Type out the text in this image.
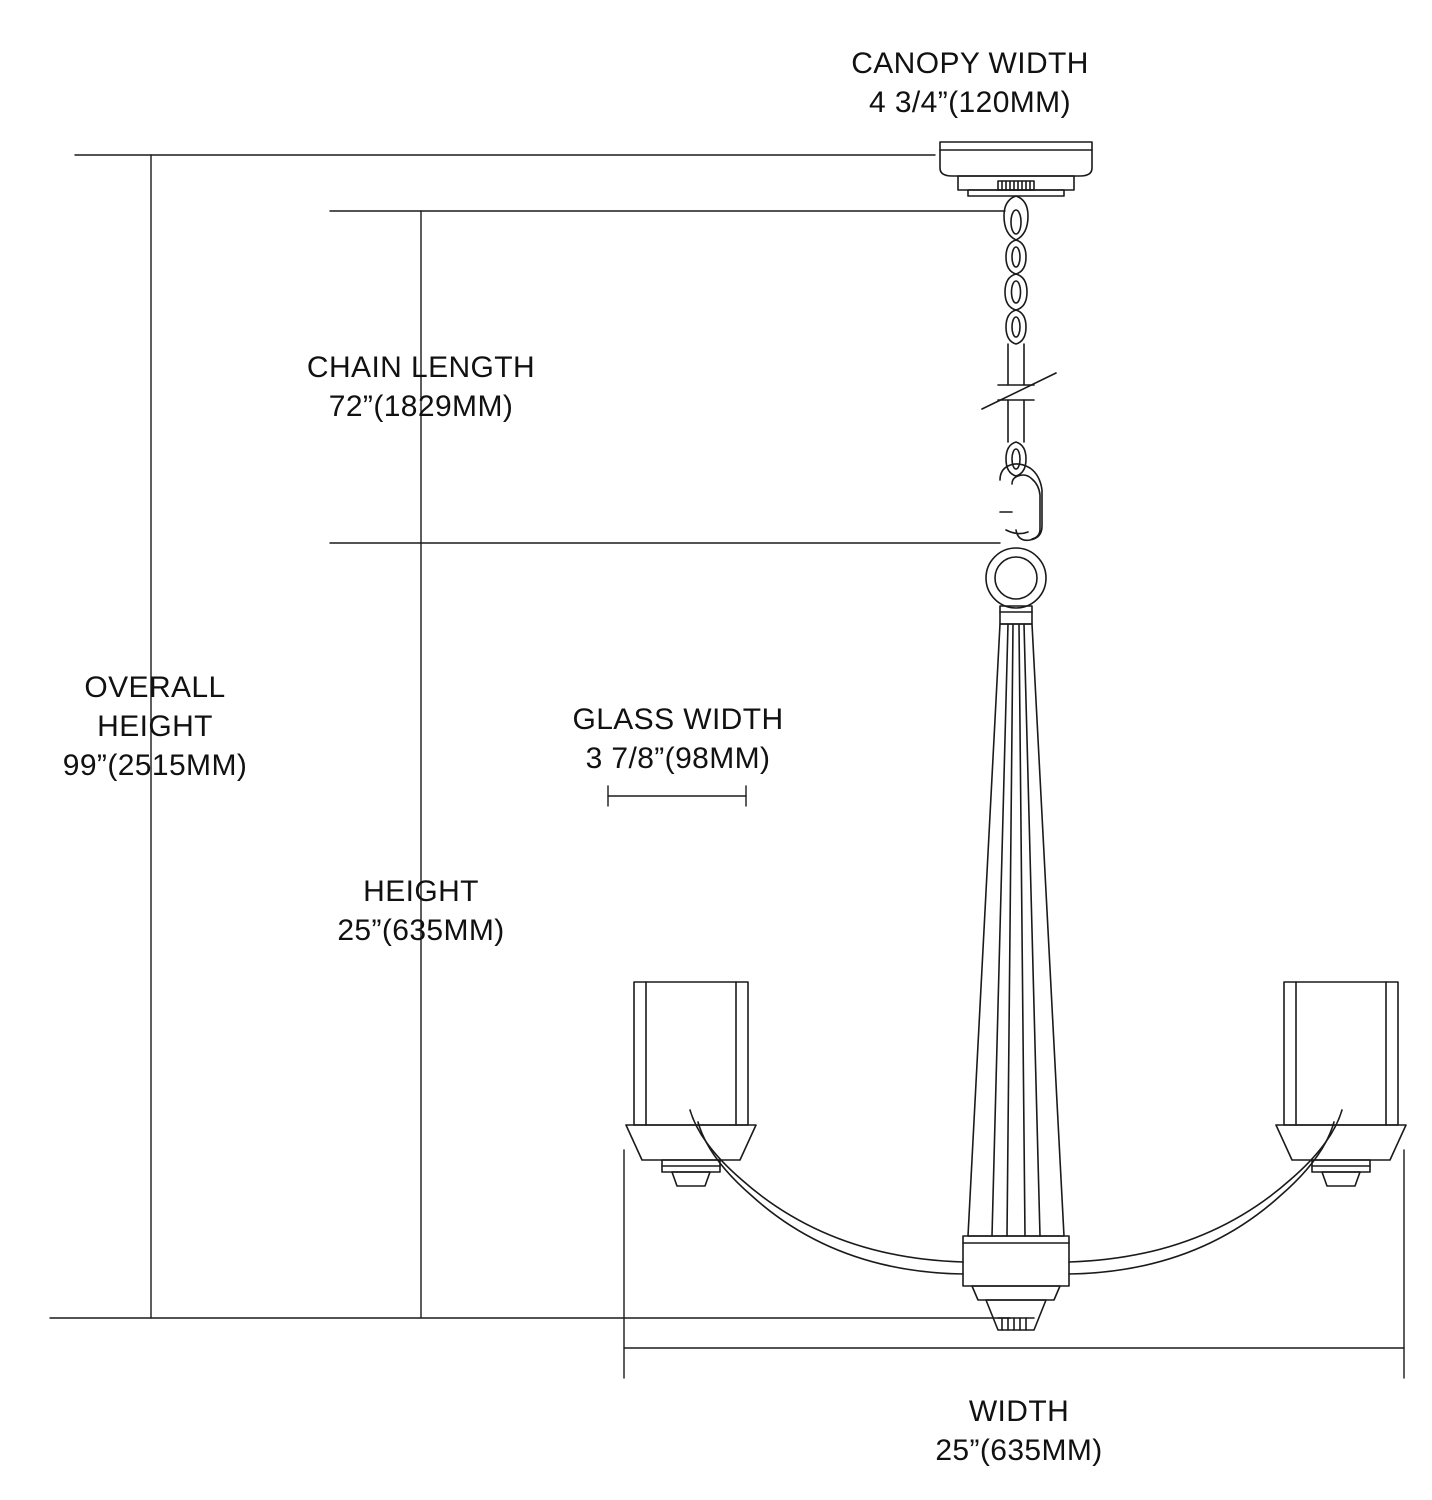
CANOPY WIDTH
4 3/4”(120MM)
CHAIN LENGTH
72”(1829MM)
OVERALL
HEIGHT
99”(2515MM)
GLASS WIDTH
3 7/8”(98MM)
HEIGHT
25”(635MM)
WIDTH
25”(635MM)
